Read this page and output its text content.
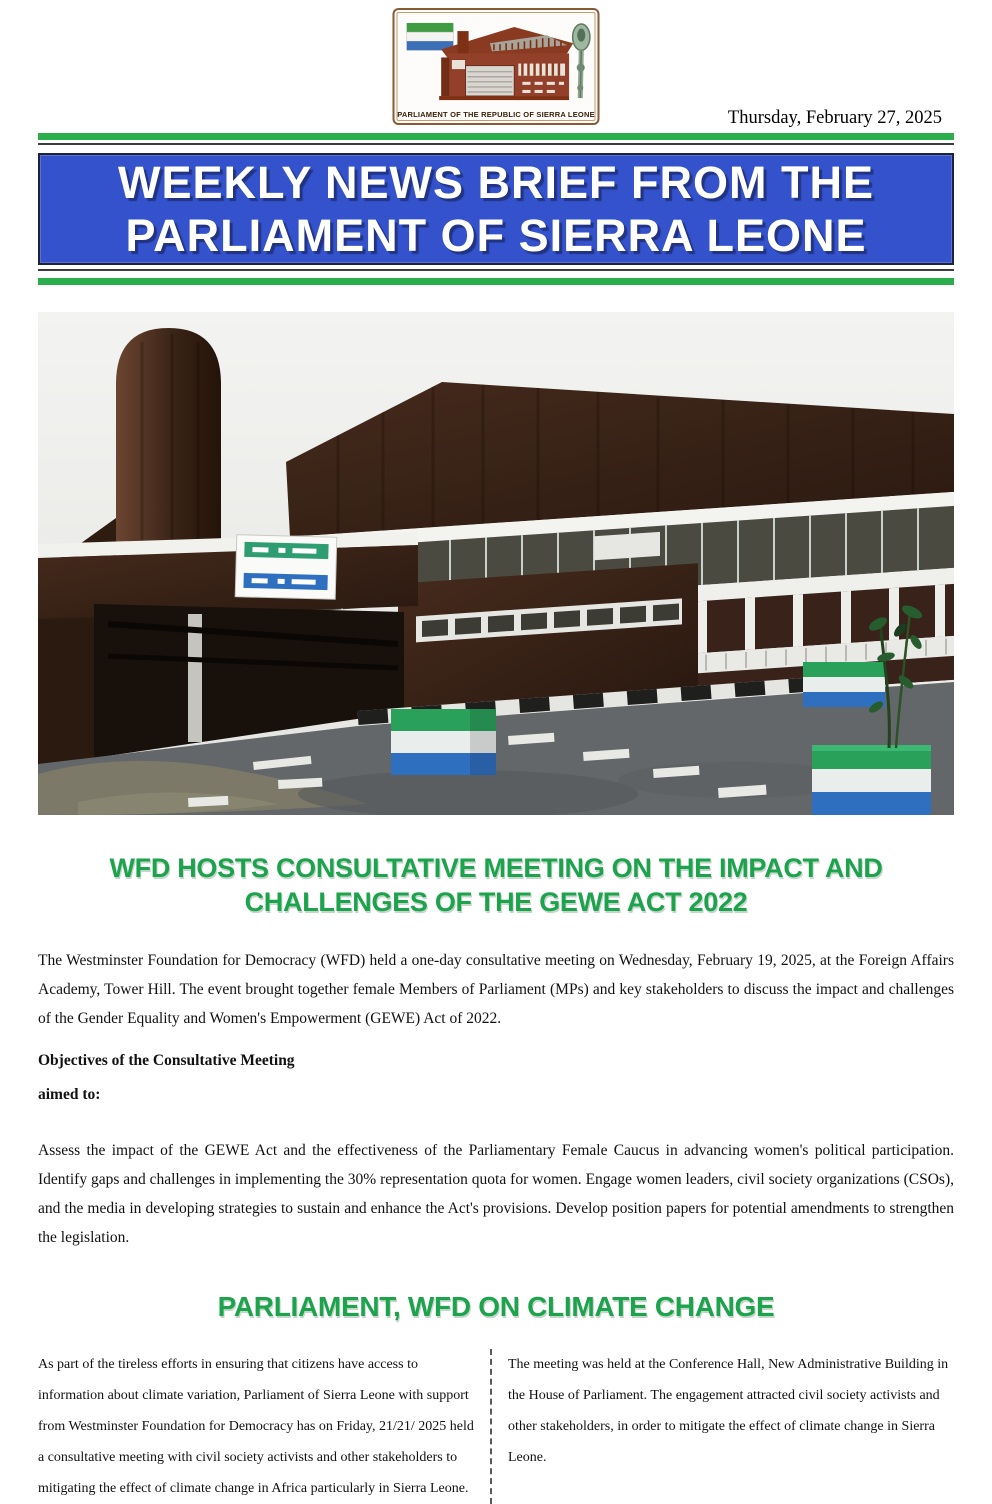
PARLIAMENT OF THE REPUBLIC OF SIERRA LEONE	Thursday, February 27, 2025
WEEKLY NEWS BRIEF FROM THE
PARLIAMENT OF SIERRA LEONE
WFD HOSTS CONSULTATIVE MEETING ON THE IMPACT AND CHALLENGES OF THE GEWE ACT 2022

The Westminster Foundation for Democracy (WFD) held a one-day consultative meeting on Wednesday, February 19, 2025, at the Foreign Affairs Academy, Tower Hill. The event brought together female Members of Parliament (MPs) and key stakeholders to discuss the impact and challenges of the Gender Equality and Women's Empowerment (GEWE) Act of 2022.

Objectives of the Consultative Meeting

aimed to:

Assess the impact of the GEWE Act and the effectiveness of the Parliamentary Female Caucus in advancing women's political participation. Identify gaps and challenges in implementing the 30% representation quota for women. Engage women leaders, civil society organizations (CSOs), and the media in developing strategies to sustain and enhance the Act's provisions. Develop position papers for potential amendments to strengthen the legislation.

PARLIAMENT, WFD ON CLIMATE CHANGE

As part of the tireless efforts in ensuring that citizens have access to information about climate variation, Parliament of Sierra Leone with support from Westminster Foundation for Democracy has on Friday, 21/21/ 2025 held a consultative meeting with civil society activists and other stakeholders to mitigating the effect of climate change in Africa particularly in Sierra Leone.

The meeting was held at the Conference Hall, New Administrative Building in the House of Parliament. The engagement attracted civil society activists and other stakeholders, in order to mitigate the effect of climate change in Sierra Leone.
